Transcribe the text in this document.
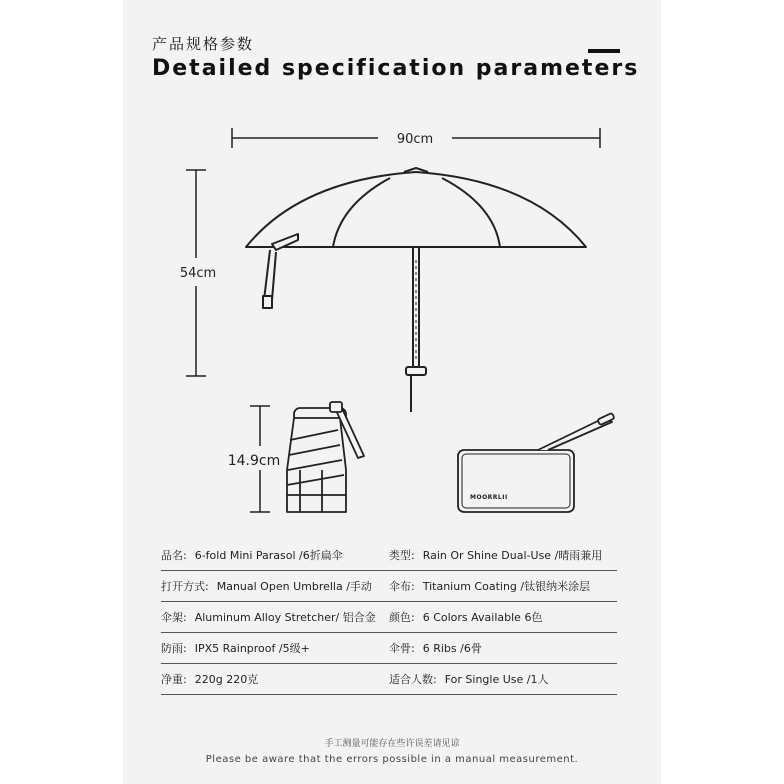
产品规格参数
Detailed specification parameters
90cm
54cm
14.9cm
MOORRLII
品名: 6-fold Mini Parasol /6折扁伞	类型: Rain Or Shine Dual-Use /晴雨兼用
打开方式: Manual Open Umbrella /手动	伞布: Titanium Coating /钛银纳米涂层
伞架: Aluminum Alloy Stretcher/ 铝合金	颜色: 6 Colors Available 6色
防雨: IPX5 Rainproof /5级+	伞骨: 6 Ribs /6骨
净重: 220g 220克	适合人数: For Single Use /1人
手工测量可能存在些许误差请见谅
Please be aware that the errors possible in a manual measurement.
